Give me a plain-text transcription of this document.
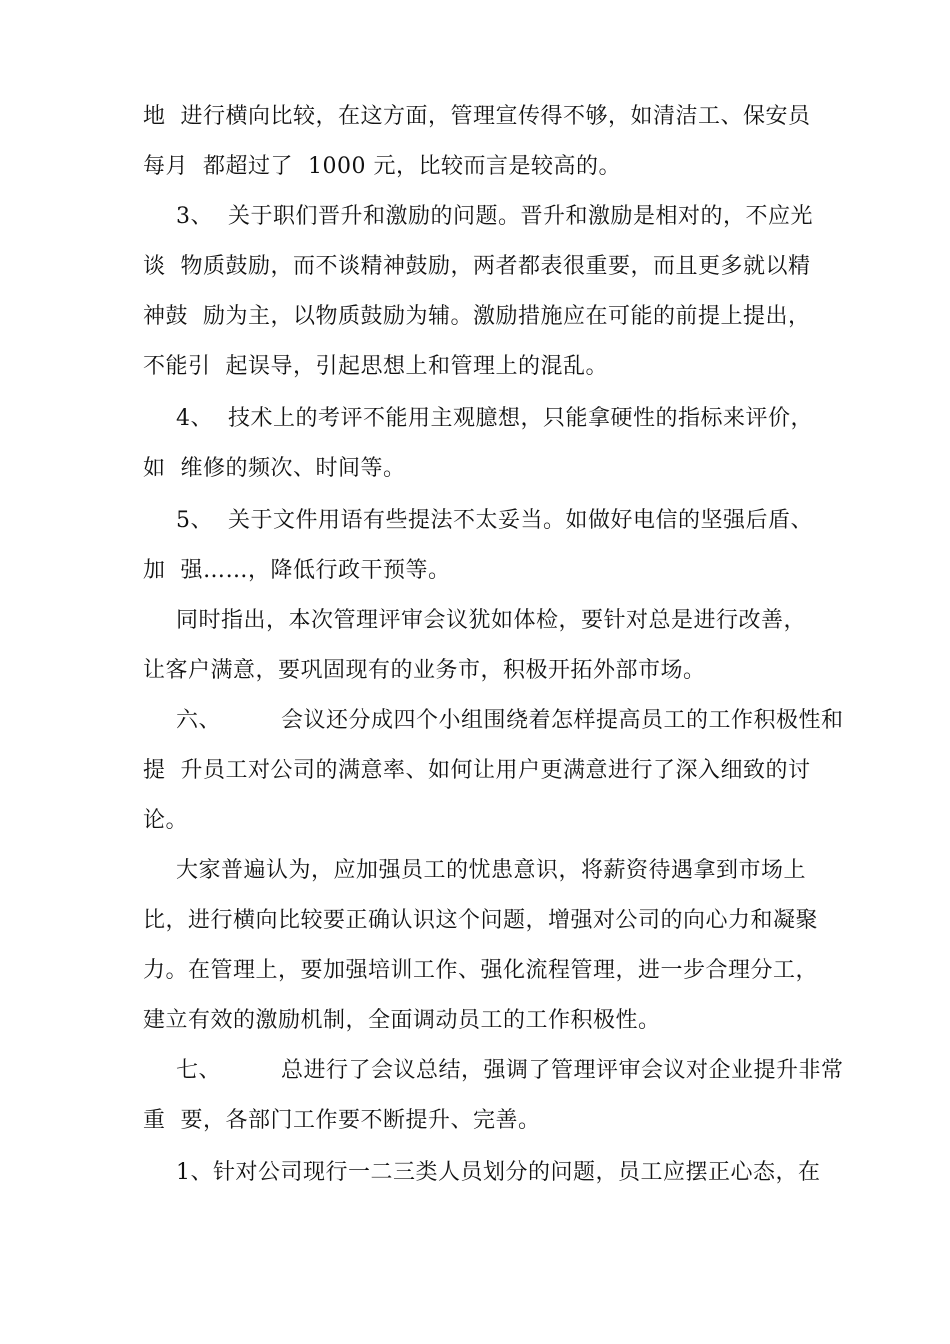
地  进行横向比较，在这方面，管理宣传得不够，如清洁工、保安员
每月  都超过了  1000 元，比较而言是较高的。
3、  关于职们晋升和激励的问题。晋升和激励是相对的，不应光
谈  物质鼓励，而不谈精神鼓励，两者都表很重要，而且更多就以精
神鼓  励为主，以物质鼓励为辅。激励措施应在可能的前提上提出，
不能引  起误导，引起思想上和管理上的混乱。
4、  技术上的考评不能用主观臆想，只能拿硬性的指标来评价，
如  维修的频次、时间等。
5、  关于文件用语有些提法不太妥当。如做好电信的坚强后盾、
加  强……，降低行政干预等。
同时指出，本次管理评审会议犹如体检，要针对总是进行改善，
让客户满意，要巩固现有的业务市，积极开拓外部市场。
六、        会议还分成四个小组围绕着怎样提高员工的工作积极性和
提  升员工对公司的满意率、如何让用户更满意进行了深入细致的讨
论。
大家普遍认为，应加强员工的忧患意识，将薪资待遇拿到市场上
比，进行横向比较要正确认识这个问题，增强对公司的向心力和凝聚
力。在管理上，要加强培训工作、强化流程管理，进一步合理分工，
建立有效的激励机制，全面调动员工的工作积极性。
七、        总进行了会议总结，强调了管理评审会议对企业提升非常
重  要，各部门工作要不断提升、完善。
1、针对公司现行一二三类人员划分的问题，员工应摆正心态，在
